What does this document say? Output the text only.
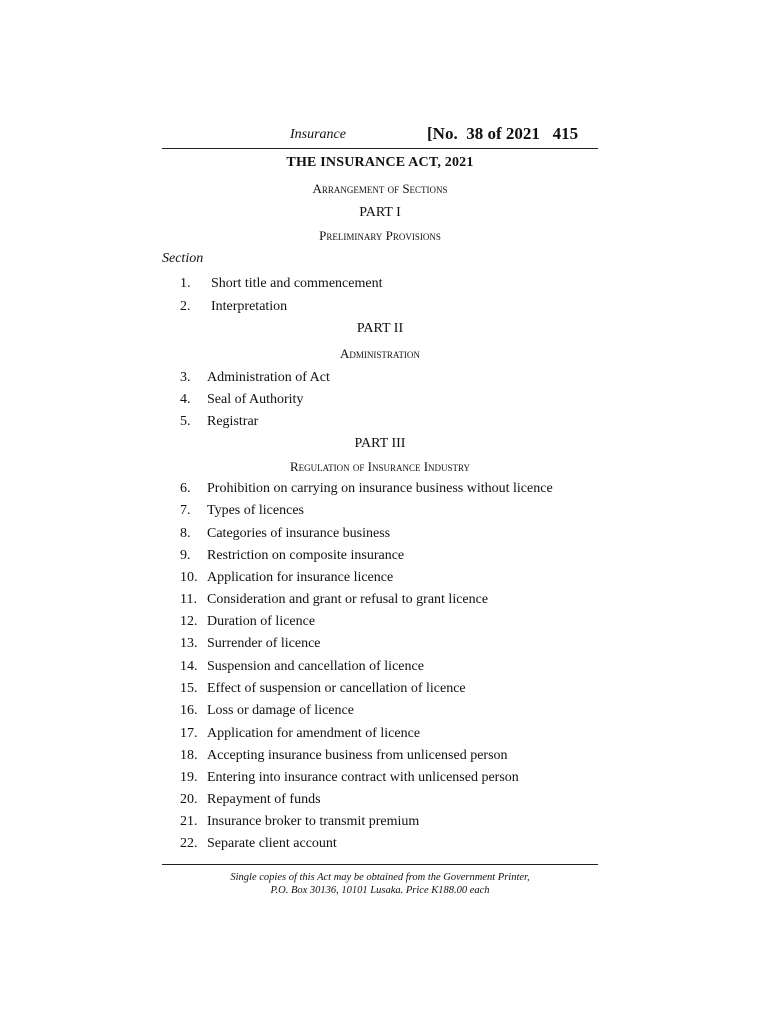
Insurance	[No.  38 of 2021   415
THE INSURANCE ACT, 2021
Arrangement of Sections
PART I
Preliminary Provisions
Section
1.	Short title and commencement
2.	Interpretation
PART II
Administration
3.	Administration of Act
4.	Seal of Authority
5.	Registrar
PART III
Regulation of Insurance Industry
6.	Prohibition on carrying on insurance business without licence
7.	Types of licences
8.	Categories of insurance business
9.	Restriction on composite insurance
10. Application for insurance licence
11. Consideration and grant or refusal to grant licence
12. Duration of licence
13. Surrender of licence
14. Suspension and cancellation of licence
15. Effect of suspension or cancellation of licence
16. Loss or damage of licence
17. Application for amendment of licence
18. Accepting insurance business from unlicensed person
19. Entering into insurance contract with unlicensed person
20. Repayment of funds
21. Insurance broker to transmit premium
22. Separate client account
Single copies of this Act may be obtained from the Government Printer,
P.O. Box 30136, 10101 Lusaka. Price K188.00 each
